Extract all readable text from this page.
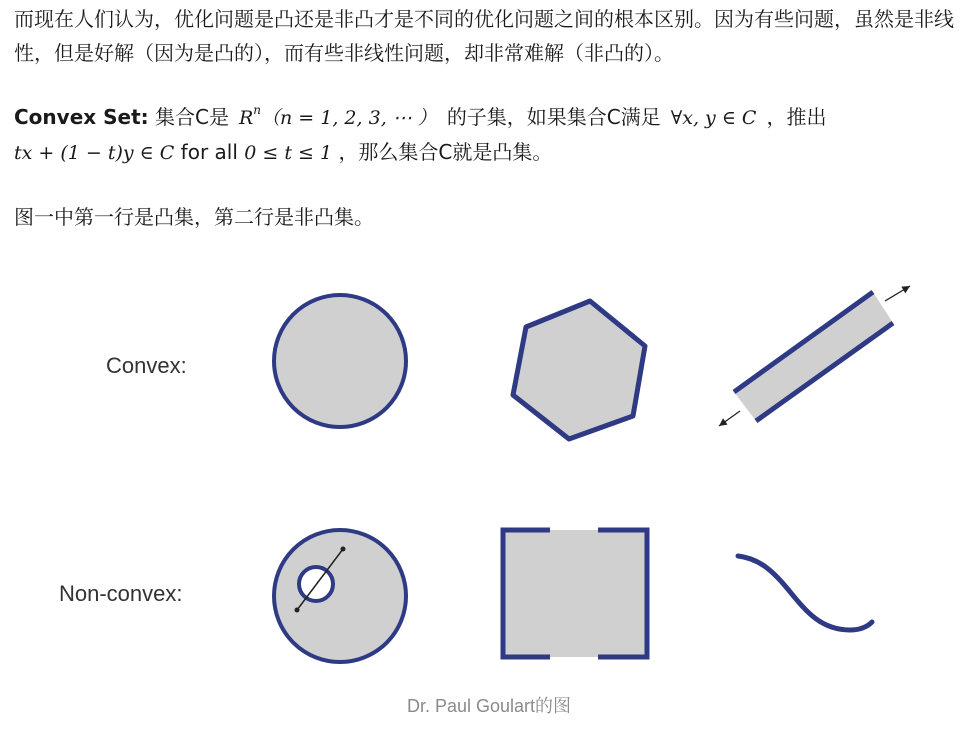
而现在人们认为，优化问题是凸还是非凸才是不同的优化问题之间的根本区别。因为有些问题，虽然是非线性，但是好解（因为是凸的），而有些非线性问题，却非常难解（非凸的）。

Convex Set: 集合C是 $R^n(n = 1$, 2, 3, ⋯ ） 的子集，如果集合C满足 ∀x, y ∈ C ，推出
tx + (1 − t)y ∈ C for all 0 ≤ t ≤ 1 ，那么集合C就是凸集。

图一中第一行是凸集，第二行是非凸集。

Convex:
Non-convex:
Dr. Paul Goulart的图
